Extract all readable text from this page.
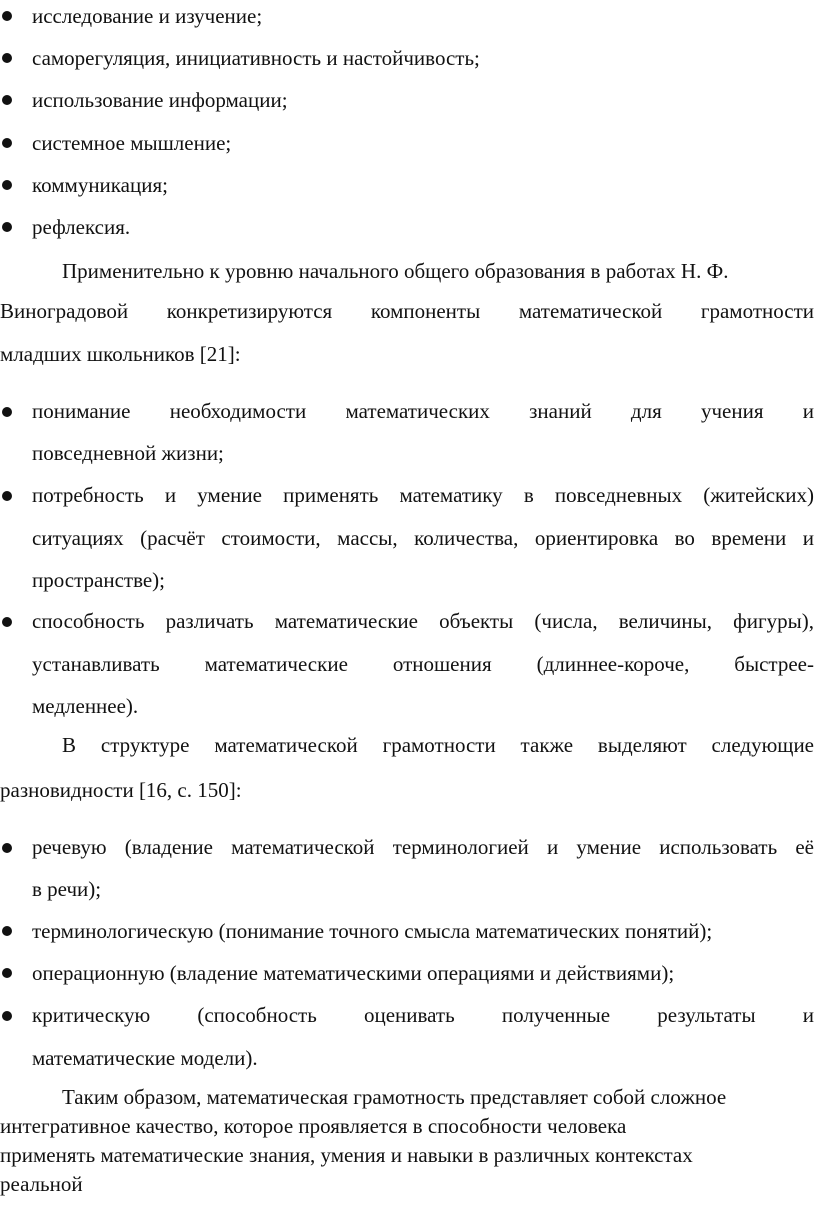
исследование и изучение;
саморегуляция, инициативность и настойчивость;
использование информации;
системное мышление;
коммуникация;
рефлексия.
Применительно к уровню начального общего образования в работах Н. Ф.
Виноградовой конкретизируются компоненты математической грамотности
младших школьников [21]:
понимание необходимости математических знаний для учения и
повседневной жизни;
потребность и умение применять математику в повседневных (житейских)
ситуациях (расчёт стоимости, массы, количества, ориентировка во времени и
пространстве);
способность различать математические объекты (числа, величины, фигуры),
устанавливать математические отношения (длиннее-короче, быстрее-
медленнее).
В структуре математической грамотности также выделяют следующие
разновидности [16, с. 150]:
речевую (владение математической терминологией и умение использовать её
в речи);
терминологическую (понимание точного смысла математических понятий);
операционную (владение математическими операциями и действиями);
критическую (способность оценивать полученные результаты и
математические модели).
Таким образом, математическая грамотность представляет собой сложное
интегративное качество, которое проявляется в способности человека
применять математические знания, умения и навыки в различных контекстах
реальной
